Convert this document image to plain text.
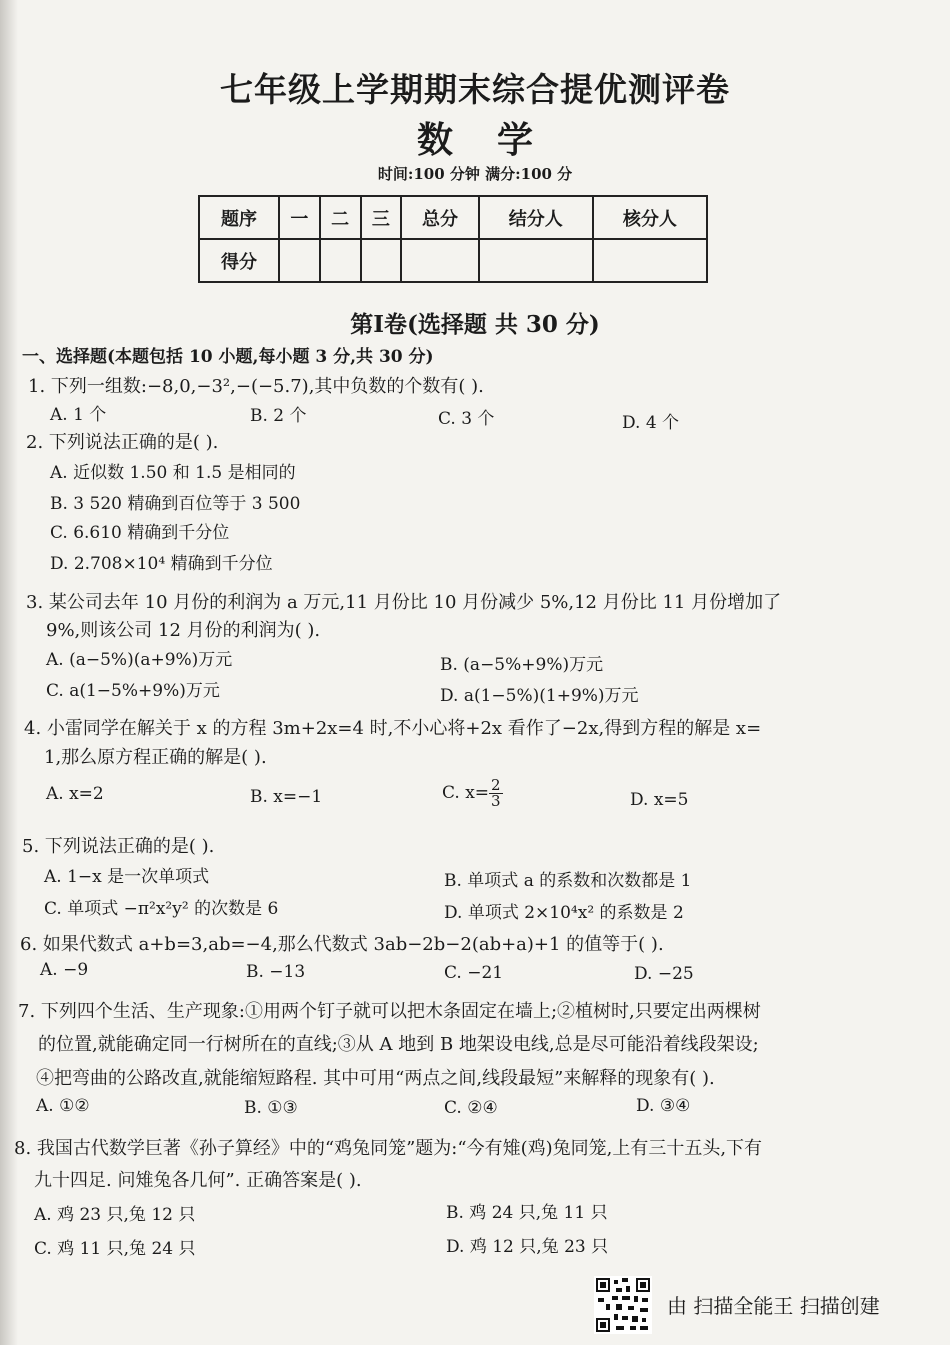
七年级上学期期末综合提优测评卷
数学
时间:100 分钟 满分:100 分
题序	一	二	三	总分	结分人	核分人
得分						
第Ⅰ卷(选择题 共 30 分)
一、选择题(本题包括 10 小题,每小题 3 分,共 30 分)
1. 下列一组数:−8,0,−3²,−(−5.7),其中负数的个数有( ).
A. 1 个	B. 2 个	C. 3 个	D. 4 个
2. 下列说法正确的是( ).
A. 近似数 1.50 和 1.5 是相同的
B. 3 520 精确到百位等于 3 500
C. 6.610 精确到千分位
D. 2.708×10⁴ 精确到千分位
3. 某公司去年 10 月份的利润为 a 万元,11 月份比 10 月份减少 5%,12 月份比 11 月份增加了
9%,则该公司 12 月份的利润为( ).
A. (a−5%)(a+9%)万元	B. (a−5%+9%)万元
C. a(1−5%+9%)万元	D. a(1−5%)(1+9%)万元
4. 小雷同学在解关于 x 的方程 3m+2x=4 时,不小心将+2x 看作了−2x,得到方程的解是 x=
1,那么原方程正确的解是( ).
A. x=2	B. x=−1	C. $x= \frac{2}{3}$	D. x=5
5. 下列说法正确的是( ).
A. 1−x 是一次单项式	B. 单项式 a 的系数和次数都是 1
C. 单项式 −π²x²y² 的次数是 6	D. 单项式 2×10⁴x² 的系数是 2
6. 如果代数式 a+b=3,ab=−4,那么代数式 3ab−2b−2(ab+a)+1 的值等于( ).
A. −9	B. −13	C. −21	D. −25
7. 下列四个生活、生产现象:①用两个钉子就可以把木条固定在墙上;②植树时,只要定出两棵树
的位置,就能确定同一行树所在的直线;③从 A 地到 B 地架设电线,总是尽可能沿着线段架设;
④把弯曲的公路改直,就能缩短路程. 其中可用“两点之间,线段最短”来解释的现象有( ).
A. ①②	B. ①③	C. ②④	D. ③④
8. 我国古代数学巨著《孙子算经》中的“鸡兔同笼”题为:“今有雉(鸡)兔同笼,上有三十五头,下有
九十四足. 问雉兔各几何”. 正确答案是( ).
A. 鸡 23 只,兔 12 只	B. 鸡 24 只,兔 11 只
C. 鸡 11 只,兔 24 只	D. 鸡 12 只,兔 23 只
由 扫描全能王 扫描创建
